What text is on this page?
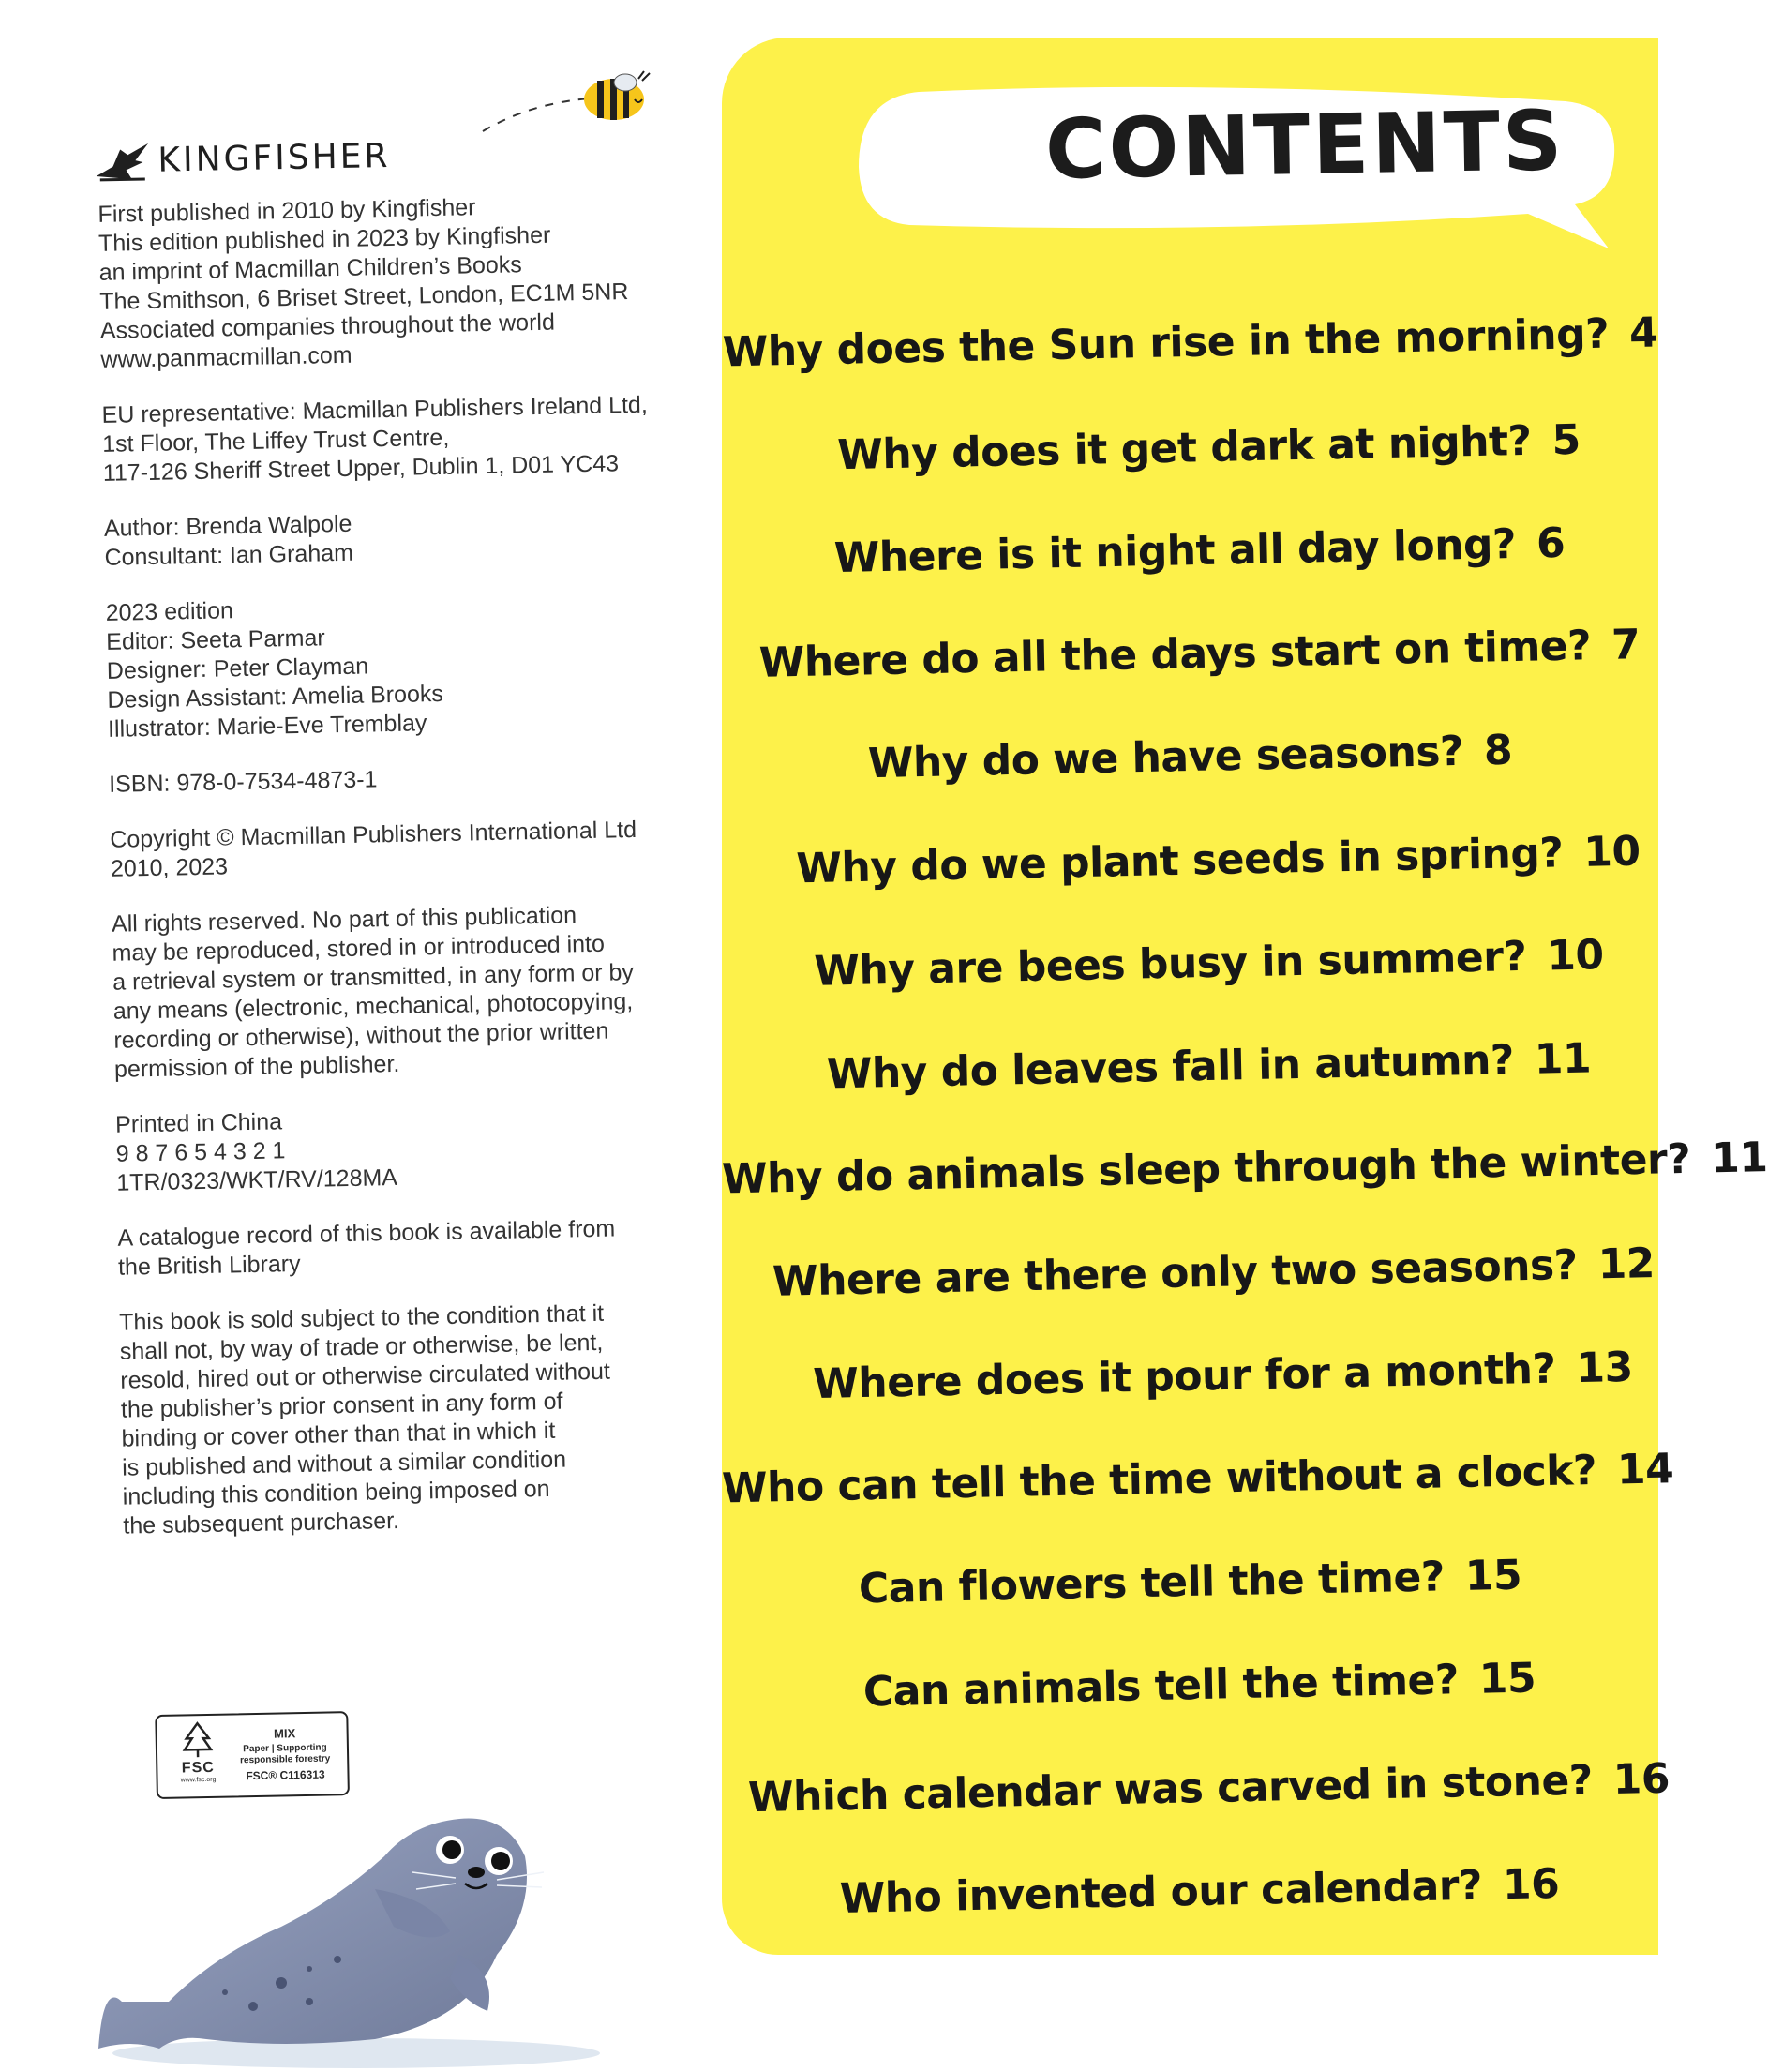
KINGFISHER
First published in 2010 by Kingfisher
This edition published in 2023 by Kingfisher
an imprint of Macmillan Children’s Books
The Smithson, 6 Briset Street, London, EC1M 5NR
Associated companies throughout the world
www.panmacmillan.com
EU representative: Macmillan Publishers Ireland Ltd,
1st Floor, The Liffey Trust Centre,
117-126 Sheriff Street Upper, Dublin 1, D01 YC43
Author: Brenda Walpole
Consultant: Ian Graham
2023 edition
Editor: Seeta Parmar
Designer: Peter Clayman
Design Assistant: Amelia Brooks
Illustrator: Marie-Eve Tremblay
ISBN: 978-0-7534-4873-1
Copyright © Macmillan Publishers International Ltd
2010, 2023
All rights reserved. No part of this publication
may be reproduced, stored in or introduced into
a retrieval system or transmitted, in any form or by
any means (electronic, mechanical, photocopying,
recording or otherwise), without the prior written
permission of the publisher.
Printed in China
9 8 7 6 5 4 3 2 1
1TR/0323/WKT/RV/128MA
A catalogue record of this book is available from
the British Library
This book is sold subject to the condition that it
shall not, by way of trade or otherwise, be lent,
resold, hired out or otherwise circulated without
the publisher’s prior consent in any form of
binding or cover other than that in which it
is published and without a similar condition
including this condition being imposed on
the subsequent purchaser.
FSC
www.fsc.org
MIX
Paper | Supporting
responsible forestry
FSC® C116313
CONTENTS
Why does the Sun rise in the morning? 4
Why does it get dark at night? 5
Where is it night all day long? 6
Where do all the days start on time? 7
Why do we have seasons? 8
Why do we plant seeds in spring? 10
Why are bees busy in summer? 10
Why do leaves fall in autumn? 11
Why do animals sleep through the winter? 11
Where are there only two seasons? 12
Where does it pour for a month? 13
Who can tell the time without a clock? 14
Can flowers tell the time? 15
Can animals tell the time? 15
Which calendar was carved in stone? 16
Who invented our calendar? 16
